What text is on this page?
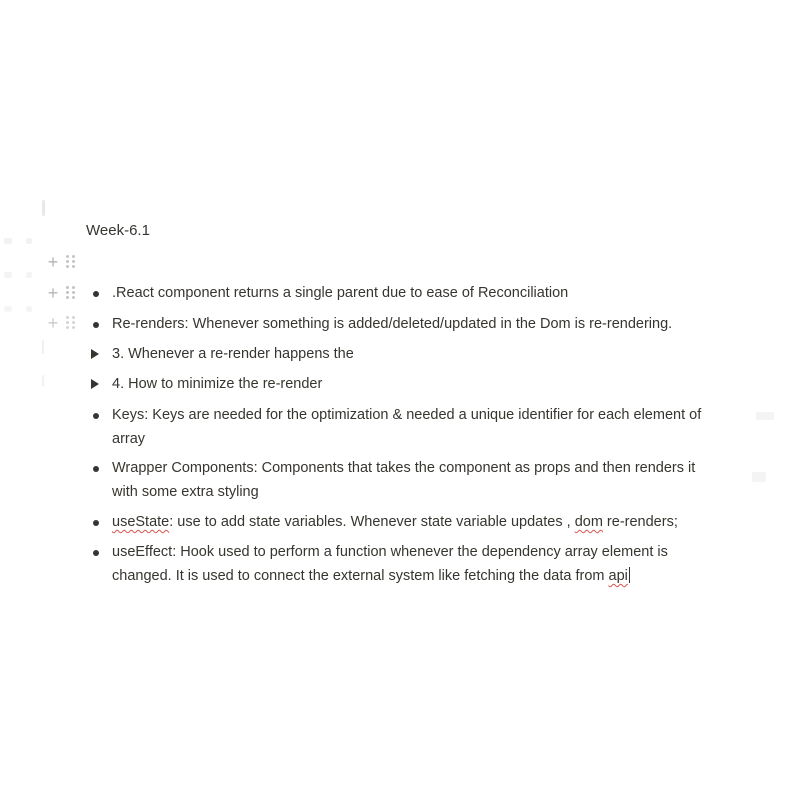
Week-6.1
+
+
+
.React component returns a single parent due to ease of Reconciliation
Re-renders: Whenever something is added/deleted/updated in the Dom is re-rendering.
3. Whenever a re-render happens the
4. How to minimize the re-render
Keys: Keys are needed for the optimization & needed a unique identifier for each element of
array
Wrapper Components: Components that takes the component as props and then renders it
with some extra styling
useState: use to add state variables. Whenever state variable updates , dom re-renders;
useEffect: Hook used to perform a function whenever the dependency array element is
changed. It is used to connect the external system like fetching the data from api
